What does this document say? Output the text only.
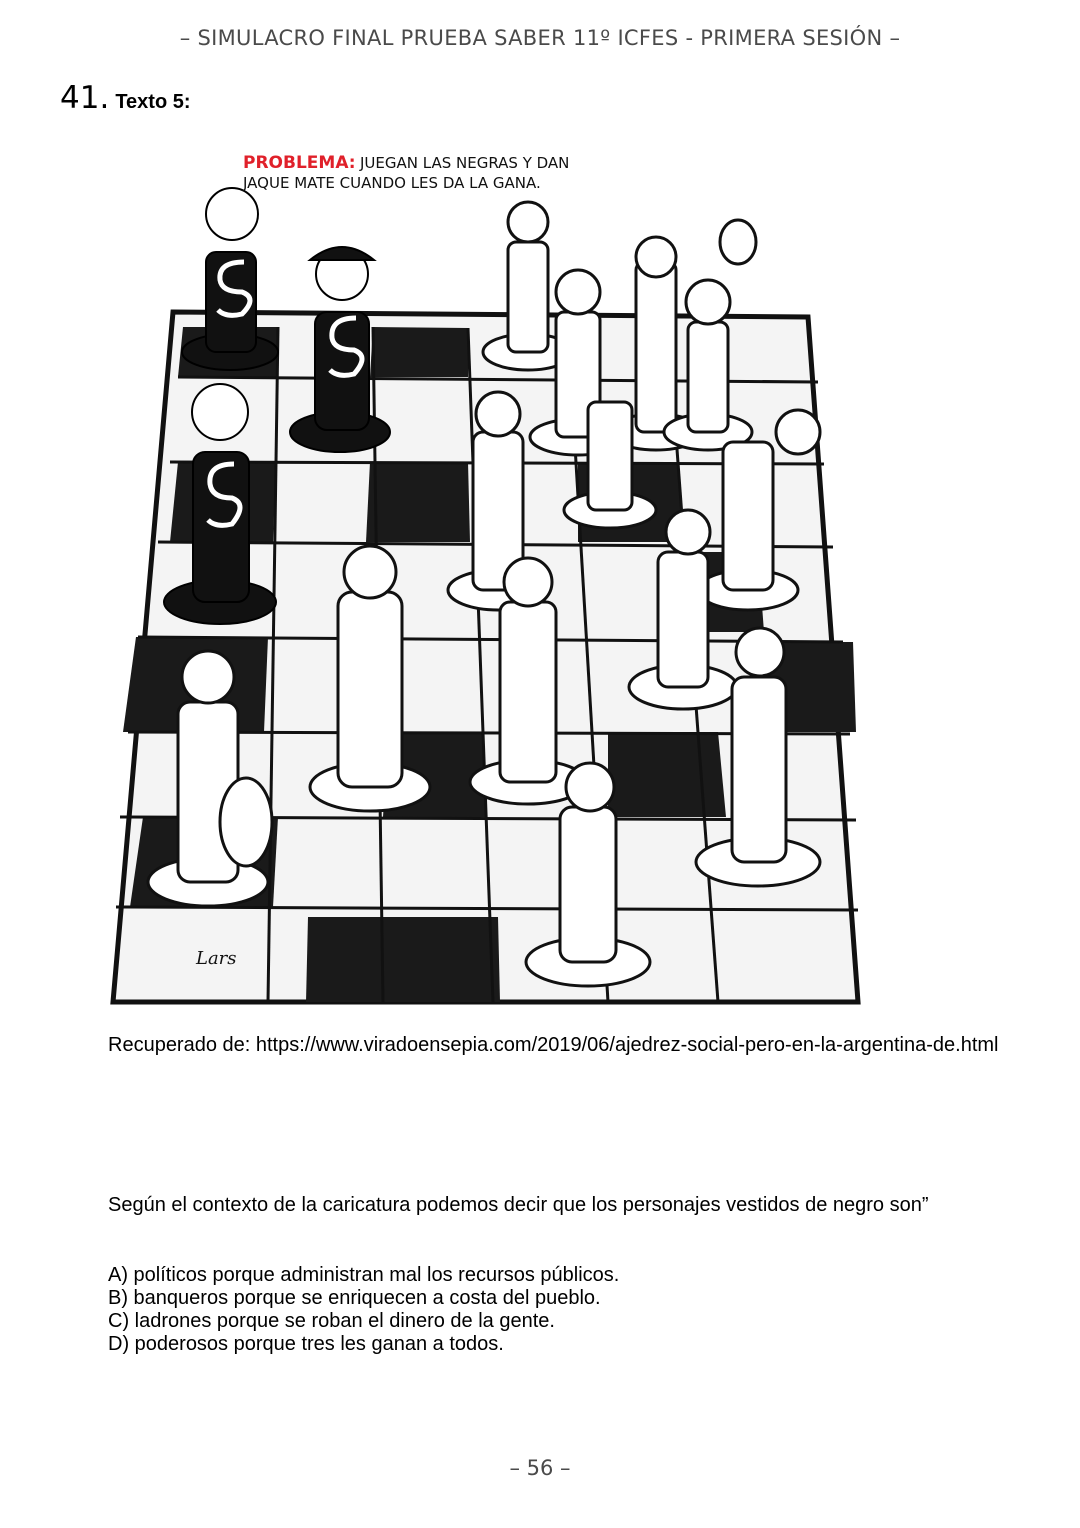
– SIMULACRO FINAL PRUEBA SABER 11º ICFES - PRIMERA SESIÓN –
41. Texto 5:
PROBLEMA: JUEGAN LAS NEGRAS Y DAN
JAQUE MATE CUANDO LES DA LA GANA.
Lars
Recuperado de: https://www.viradoensepia.com/2019/06/ajedrez-social-pero-en-la-argentina-de.html
Según el contexto de la caricatura podemos decir que los personajes vestidos de negro son”
A) políticos porque administran mal los recursos públicos.
B) banqueros porque se enriquecen a costa del pueblo.
C) ladrones porque se roban el dinero de la gente.
D) poderosos porque tres les ganan a todos.
– 56 –
